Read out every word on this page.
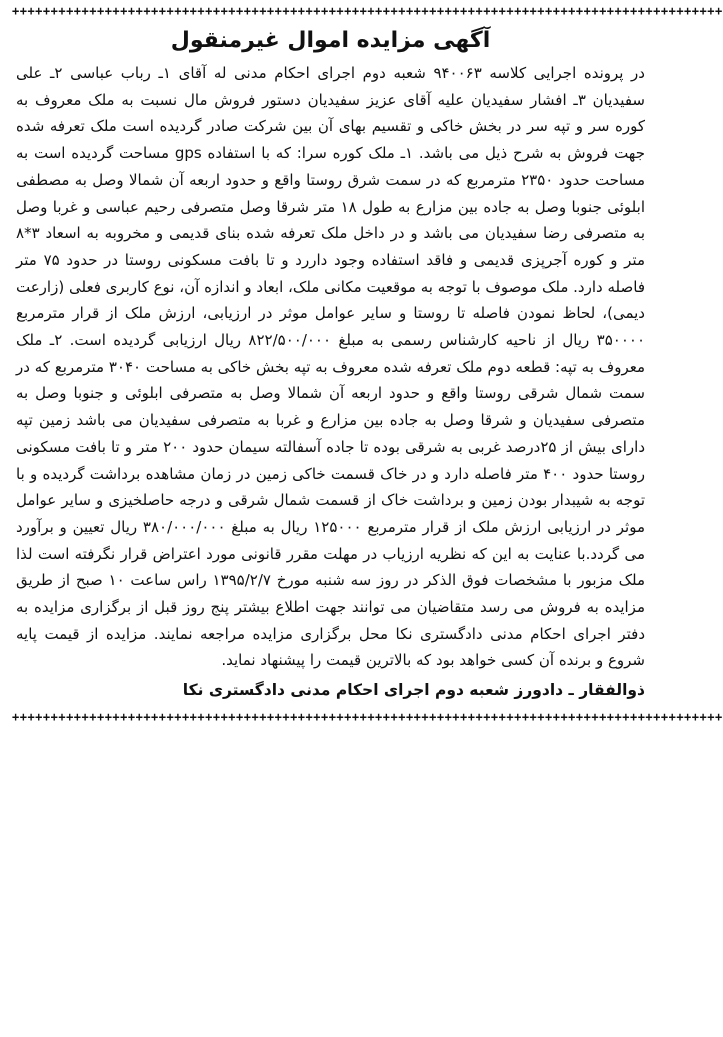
++++++++++++++++++++++++++++++++++++++++++++++++++++++++++++++++++++++++++++++++++++++++++++
آگهی مزایده اموال غیرمنقول

در پرونده اجرایی کلاسه ۹۴۰۰۶۳ شعبه دوم اجرای احکام مدنی له آقای ۱ـ رباب عباسی ۲ـ علی سفیدیان ۳ـ افشار سفیدیان علیه آقای عزیز سفیدیان دستور فروش مال نسبت به ملک معروف به کوره سر و تپه سر در بخش خاکی و تقسیم بهای آن بین شرکت صادر گردیده است ملک تعرفه شده جهت فروش به شرح ذیل می باشد. ۱ـ ملک کوره سرا: که با استفاده gps مساحت گردیده است به مساحت حدود ۲۳۵۰ مترمربع که در سمت شرق روستا واقع و حدود اربعه آن شمالا وصل به مصطفی ابلوئی جنوبا وصل به جاده بین مزارع به طول ۱۸ متر شرقا وصل متصرفی رحیم عباسی و غربا وصل به متصرفی رضا سفیدیان می باشد و در داخل ملک تعرفه شده بنای قدیمی و مخروبه به اسعاد ۳*۸ متر و کوره آجرپزی قدیمی و فاقد استفاده وجود داررد و تا بافت مسکونی روستا در حدود ۷۵ متر فاصله دارد. ملک موصوف با توجه به موقعیت مکانی ملک، ابعاد و اندازه آن، نوع کاربری فعلی (زارعت دیمی)، لحاظ نمودن فاصله تا روستا و سایر عوامل موثر در ارزیابی، ارزش ملک از قرار مترمربع ۳۵۰۰۰۰ ریال از ناحیه کارشناس رسمی به مبلغ ۸۲۲/۵۰۰/۰۰۰ ریال ارزیابی گردیده است. ۲ـ ملک معروف به تپه: قطعه دوم ملک تعرفه شده معروف به تپه بخش خاکی به مساحت ۳۰۴۰ مترمربع که در سمت شمال شرقی روستا واقع و حدود اربعه آن شمالا وصل به متصرفی ابلوئی و جنوبا وصل به متصرفی سفیدیان و شرقا وصل به جاده بین مزارع و غربا به متصرفی سفیدیان می باشد زمین تپه دارای بیش از ۲۵درصد غربی به شرقی بوده تا جاده آسفالته سیمان حدود ۲۰۰ متر و تا بافت مسکونی روستا حدود ۴۰۰ متر فاصله دارد و در خاک قسمت خاکی زمین در زمان مشاهده برداشت گردیده و با توجه به شیبدار بودن زمین و برداشت خاک از قسمت شمال شرقی و درجه حاصلخیزی و سایر عوامل موثر در ارزیابی ارزش ملک از قرار مترمربع ۱۲۵۰۰۰ ریال به مبلغ ۳۸۰/۰۰۰/۰۰۰ ریال تعیین و برآورد می گردد.با عنایت به این که نظریه ارزیاب در مهلت مقرر قانونی مورد اعتراض قرار نگرفته است لذا ملک مزبور با مشخصات فوق الذکر در روز سه شنبه مورخ ۱۳۹۵/۲/۷ راس ساعت ۱۰ صبح از طریق مزایده به فروش می رسد متقاضیان می توانند جهت اطلاع بیشتر پنج روز قبل از برگزاری مزایده به دفتر اجرای احکام مدنی دادگستری نکا محل برگزاری مزایده مراجعه نمایند. مزایده از قیمت پایه شروع و برنده آن کسی خواهد بود که بالاترین قیمت را پیشنهاد نماید.

ذوالفقار ـ دادورز شعبه دوم اجرای احکام مدنی دادگستری نکا
++++++++++++++++++++++++++++++++++++++++++++++++++++++++++++++++++++++++++++++++++++++++++++
